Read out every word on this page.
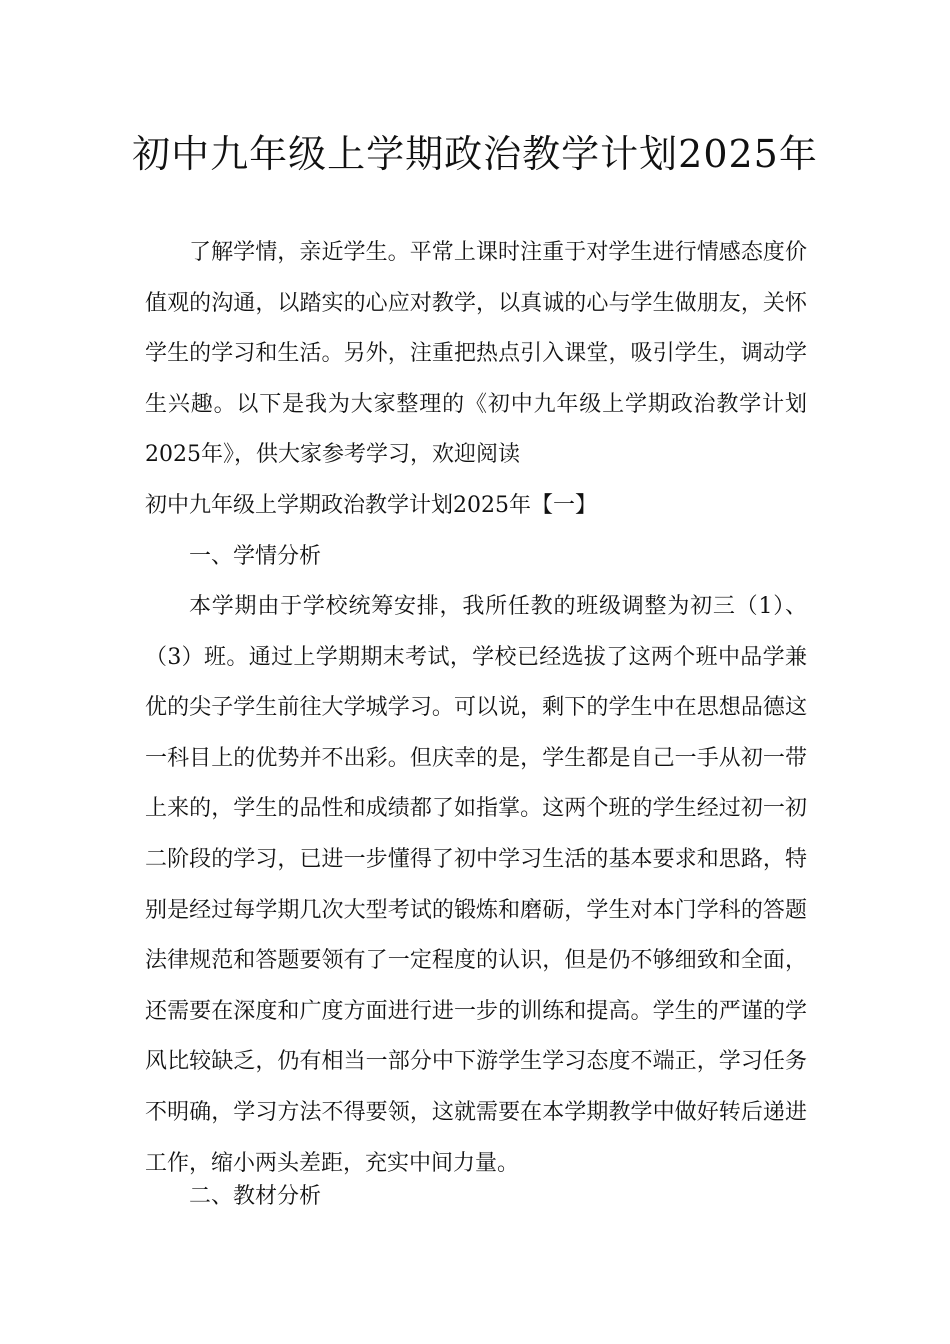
初中九年级上学期政治教学计划2025年

了解学情，亲近学生。平常上课时注重于对学生进行情感态度价值观的沟通，以踏实的心应对教学，以真诚的心与学生做朋友，关怀学生的学习和生活。另外，注重把热点引入课堂，吸引学生，调动学生兴趣。以下是我为大家整理的《初中九年级上学期政治教学计划2025年》，供大家参考学习，欢迎阅读

初中九年级上学期政治教学计划2025年【一】

一、学情分析

本学期由于学校统筹安排，我所任教的班级调整为初三（1）、（3）班。通过上学期期末考试，学校已经选拔了这两个班中品学兼优的尖子学生前往大学城学习。可以说，剩下的学生中在思想品德这一科目上的优势并不出彩。但庆幸的是，学生都是自己一手从初一带上来的，学生的品性和成绩都了如指掌。这两个班的学生经过初一初二阶段的学习，已进一步懂得了初中学习生活的基本要求和思路，特别是经过每学期几次大型考试的锻炼和磨砺，学生对本门学科的答题法律规范和答题要领有了一定程度的认识，但是仍不够细致和全面，还需要在深度和广度方面进行进一步的训练和提高。学生的严谨的学风比较缺乏，仍有相当一部分中下游学生学习态度不端正，学习任务不明确，学习方法不得要领，这就需要在本学期教学中做好转后递进工作，缩小两头差距，充实中间力量。

二、教材分析
